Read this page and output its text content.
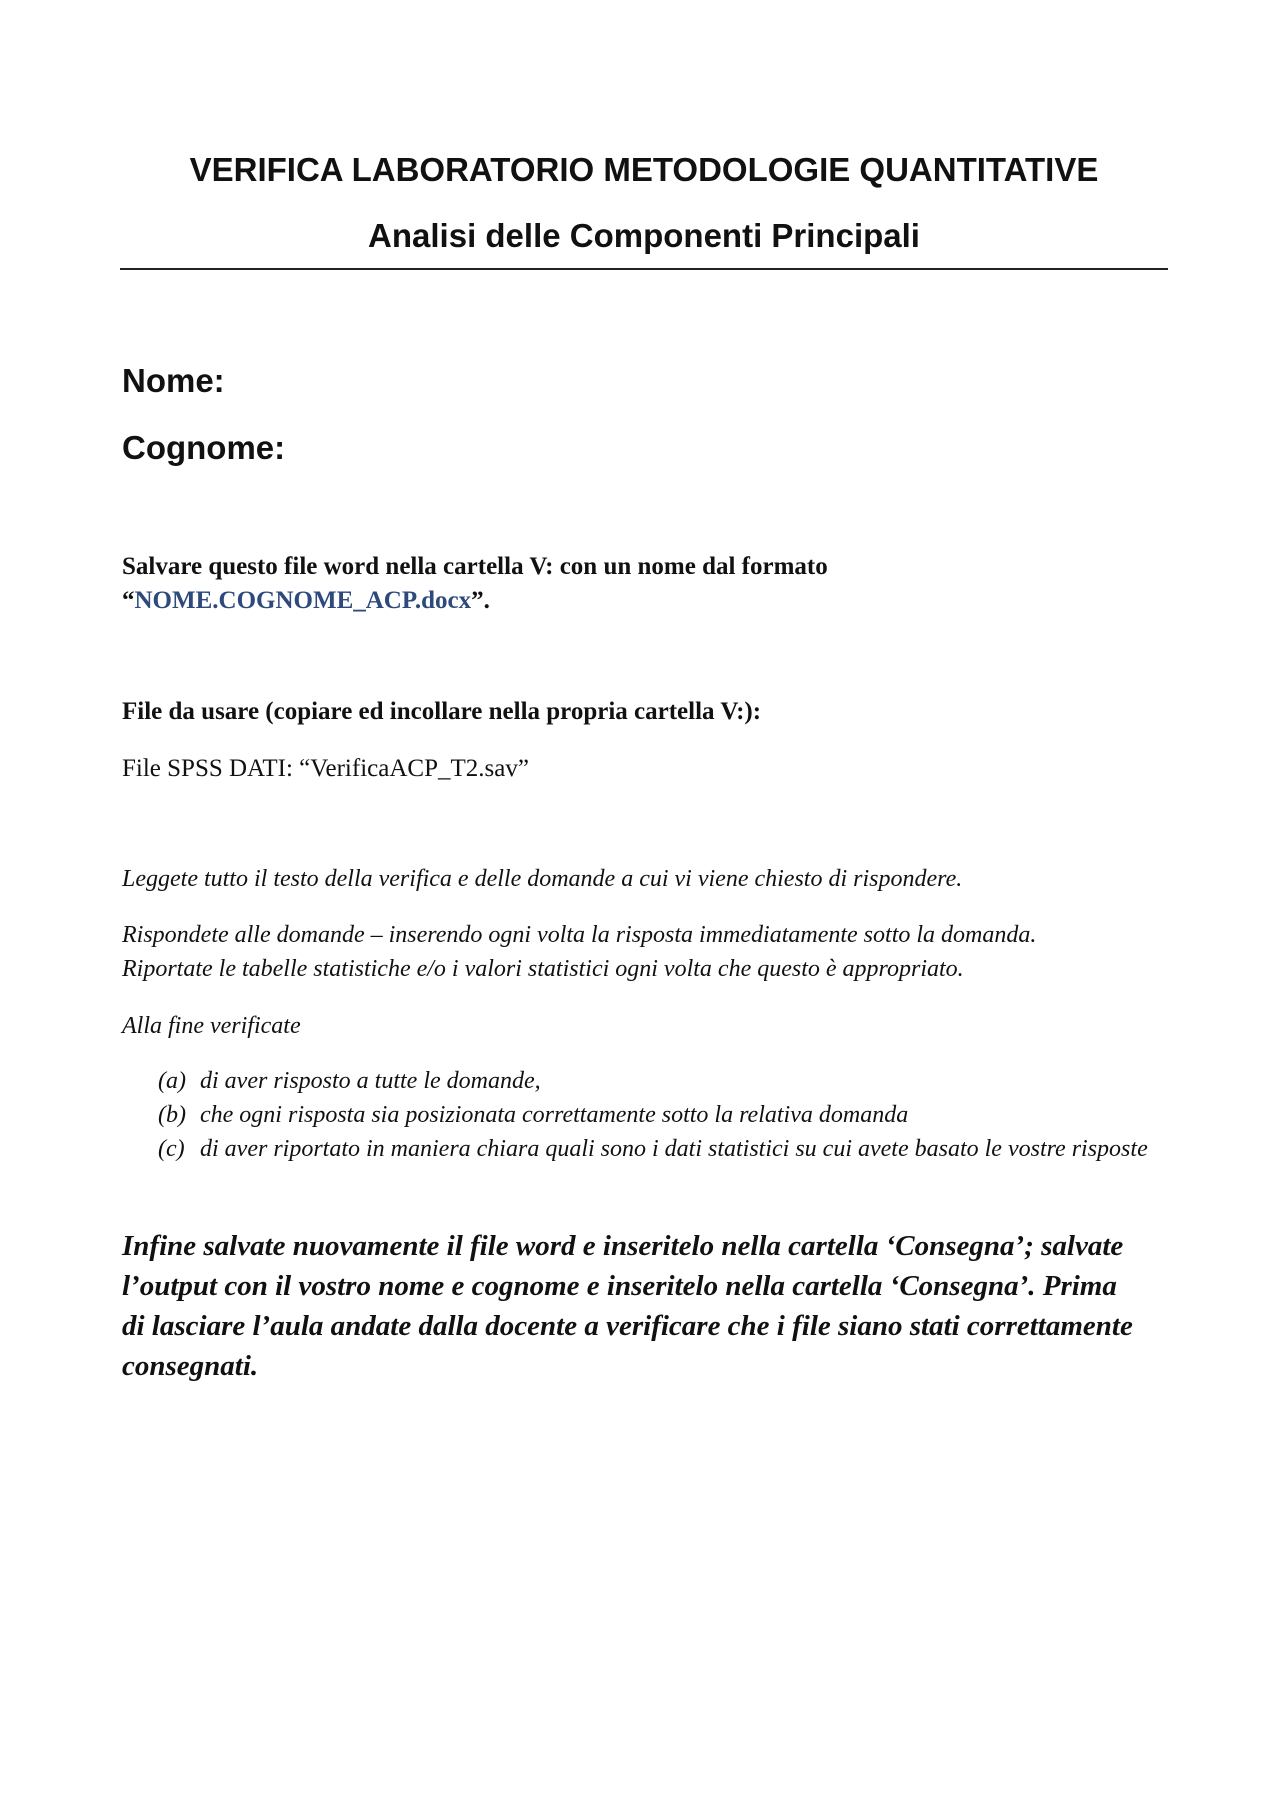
VERIFICA LABORATORIO METODOLOGIE QUANTITATIVE
Analisi delle Componenti Principali
Nome:
Cognome:
Salvare questo file word nella cartella V: con un nome dal formato
“NOME.COGNOME_ACP.docx”.
File da usare (copiare ed incollare nella propria cartella V:):
File SPSS DATI: “VerificaACP_T2.sav”
Leggete tutto il testo della verifica e delle domande a cui vi viene chiesto di rispondere.
Rispondete alle domande – inserendo ogni volta la risposta immediatamente sotto la domanda.
Riportate le tabelle statistiche e/o i valori statistici ogni volta che questo è appropriato.
Alla fine verificate
(a) di aver risposto a tutte le domande,
(b) che ogni risposta sia posizionata correttamente sotto la relativa domanda
(c) di aver riportato in maniera chiara quali sono i dati statistici su cui avete basato le vostre risposte
Infine salvate nuovamente il file word e inseritelo nella cartella ‘Consegna’; salvate l’output con il vostro nome e cognome e inseritelo nella cartella ‘Consegna’. Prima di lasciare l’aula andate dalla docente a verificare che i file siano stati correttamente consegnati.
